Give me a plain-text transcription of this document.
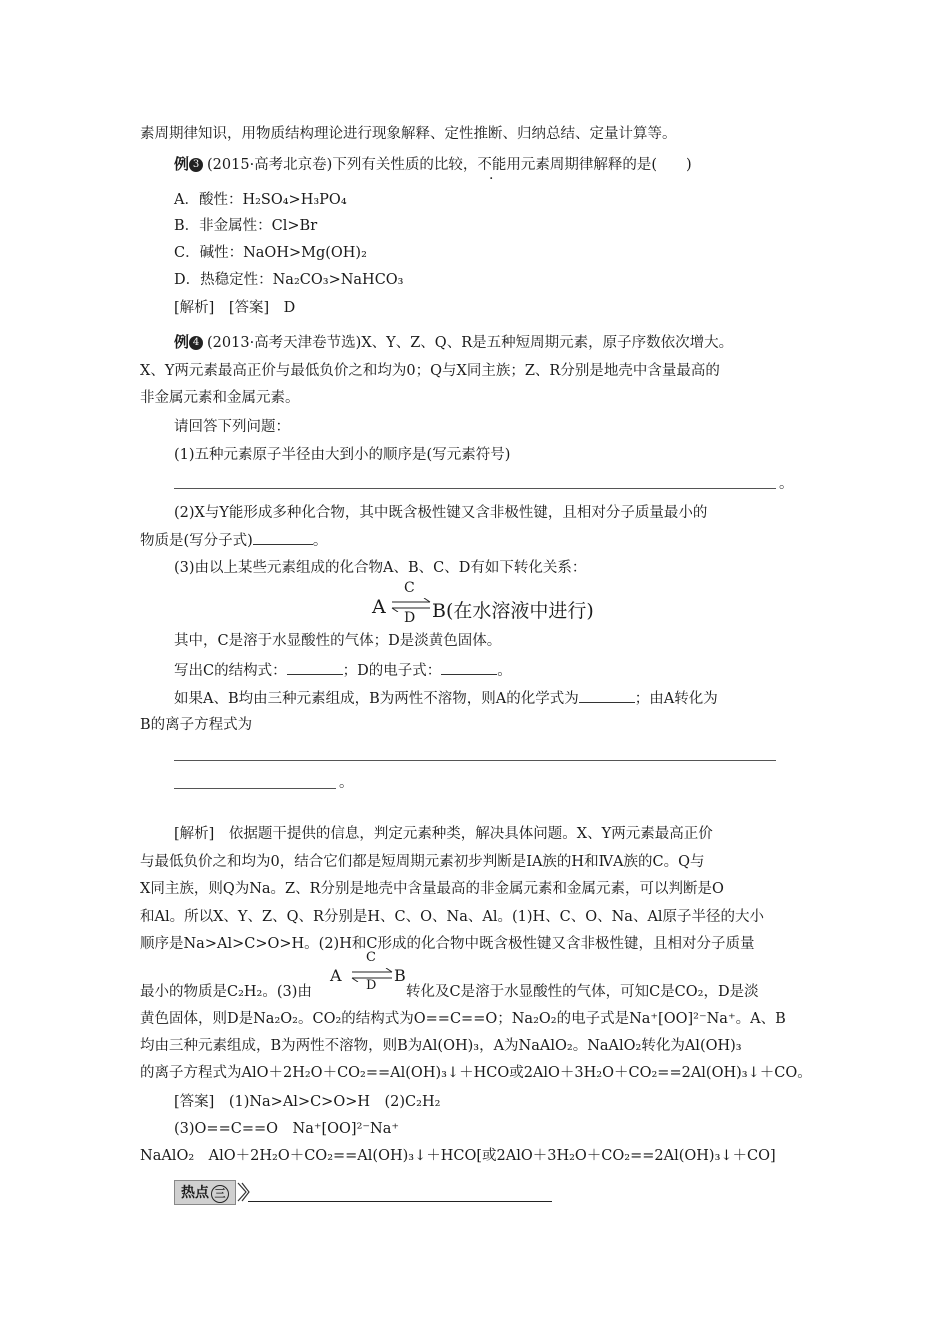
素周期律知识，用物质结构理论进行现象解释、定性推断、归纳总结、定量计算等。
例 3 (2015·高考北京卷)下列有关性质的比较，不能用元素周期律解释的是(　　)
A．酸性：H₂SO₄>H₃PO₄
B．非金属性：Cl>Br
C．碱性：NaOH>Mg(OH)₂
D．热稳定性：Na₂CO₃>NaHCO₃
[解析]　[答案]　D
例 4 (2013·高考天津卷节选)X、Y、Z、Q、R是五种短周期元素，原子序数依次增大。
X、Y两元素最高正价与最低负价之和均为0；Q与X同主族；Z、R分别是地壳中含量最高的
非金属元素和金属元素。
请回答下列问题：
(1)五种元素原子半径由大到小的顺序是(写元素符号)
。
(2)X与Y能形成多种化合物，其中既含极性键又含非极性键，且相对分子质量最小的
物质是(写分子式)	。
(3)由以上某些元素组成的化合物A、B、C、D有如下转化关系：
A
C
D ⇌ B(在水溶液中进行)
其中，C是溶于水显酸性的气体；D是淡黄色固体。
写出C的结构式：	；D的电子式：	。
如果A、B均由三种元素组成，B为两性不溶物，则A的化学式为	；由A转化为
B的离子方程式为
。
[解析]　依据题干提供的信息，判定元素种类，解决具体问题。X、Y两元素最高正价
与最低负价之和均为0，结合它们都是短周期元素初步判断是ⅠA族的H和ⅣA族的C。Q与
X同主族，则Q为Na。Z、R分别是地壳中含量最高的非金属元素和金属元素，可以判断是O
和Al。所以X、Y、Z、Q、R分别是H、C、O、Na、Al。(1)H、C、O、Na、Al原子半径的大小
顺序是Na>Al>C>O>H。(2)H和C形成的化合物中既含极性键又含非极性键，且相对分子质量
最小的物质是C₂H₂。(3)由
A
C
D
B
转化及C是溶于水显酸性的气体，可知C是CO₂，D是淡
黄色固体，则D是Na₂O₂。CO₂的结构式为O==C==O；Na₂O₂的电子式是Na⁺[OO]²⁻Na⁺。A、B
均由三种元素组成，B为两性不溶物，则B为Al(OH)₃，A为NaAlO₂。NaAlO₂转化为Al(OH)₃
的离子方程式为AlO＋2H₂O＋CO₂==Al(OH)₃↓＋HCO或2AlO＋3H₂O＋CO₂==2Al(OH)₃↓＋CO。
[答案]　(1)Na>Al>C>O>H　(2)C₂H₂
(3)O==C==O　Na⁺[OO]²⁻Na⁺
NaAlO₂　AlO＋2H₂O＋CO₂==Al(OH)₃↓＋HCO[或2AlO＋3H₂O＋CO₂==2Al(OH)₃↓＋CO]
热点 三
